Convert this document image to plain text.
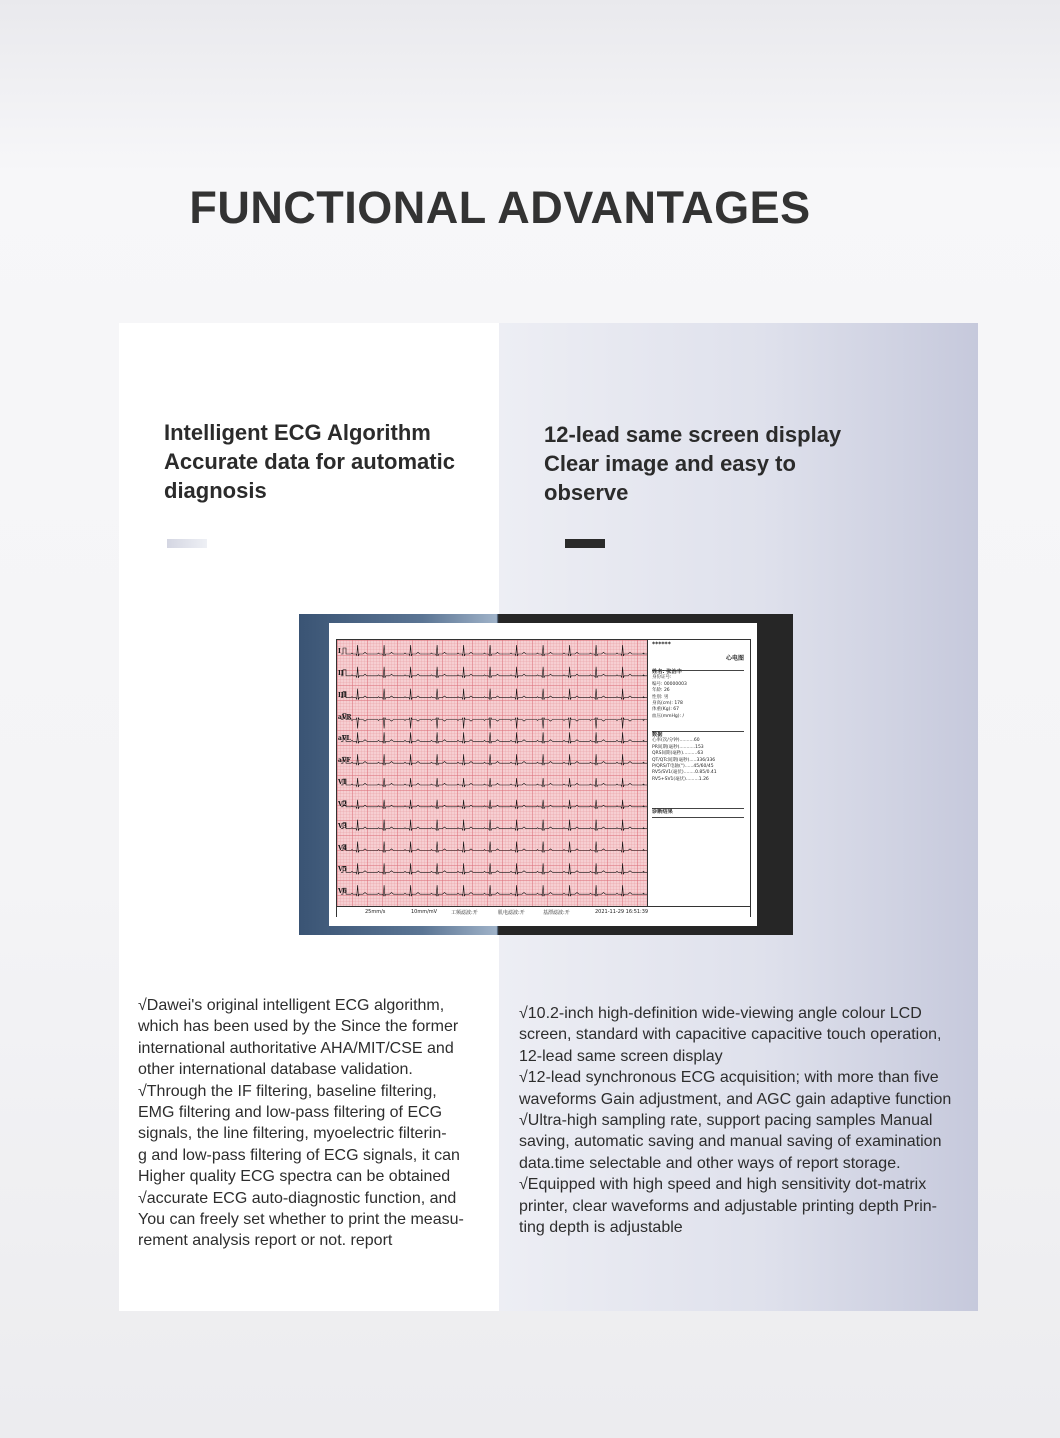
FUNCTIONAL ADVANTAGES
Intelligent ECG Algorithm
Accurate data for automatic
diagnosis
12-lead same screen display
Clear image and easy to
observe
I
II
III
aVR
aVL
aVF
V1
V2
V3
V4
V5
V6
******
心电图
姓名: 张治丰
身份证号:
编号: 00000003
年龄: 26
性别: 男
身高(cm): 178
体重(Kg): 67
血压(mmHg): /
数据
心率(次/分钟)..........60
PR间期(毫秒)...........153
QRS间期(毫秒)..........63
QT/QTc间期(毫秒).....336/336
P/QRS/T电轴(°)......45/60/45
RV5/SV1(毫伏)........0.85/0.41
RV5+SV1(毫伏).........1.26
诊断结果
25mm/s	10mm/mV	工频滤波:开	肌电滤波:开	基漂滤波:开	2021-11-29 16:51:39
√Dawei's original intelligent ECG algorithm,
which has been used by the Since the former
international authoritative AHA/MIT/CSE and
other international database validation.
√Through the IF filtering, baseline filtering,
EMG filtering and low-pass filtering of ECG
signals, the line filtering, myoelectric filterin-
g and low-pass filtering of ECG signals, it can
Higher quality ECG spectra can be obtained
√accurate ECG auto-diagnostic function, and
You can freely set whether to print the measu-
rement analysis report or not. report
√10.2-inch high-definition wide-viewing angle colour LCD
screen, standard with capacitive capacitive touch operation,
12-lead same screen display
√12-lead synchronous ECG acquisition; with more than five
waveforms Gain adjustment, and AGC gain adaptive function
√Ultra-high sampling rate, support pacing samples Manual
saving, automatic saving and manual saving of examination
data.time selectable and other ways of report storage.
√Equipped with high speed and high sensitivity dot-matrix
printer, clear waveforms and adjustable printing depth Prin-
ting depth is adjustable
